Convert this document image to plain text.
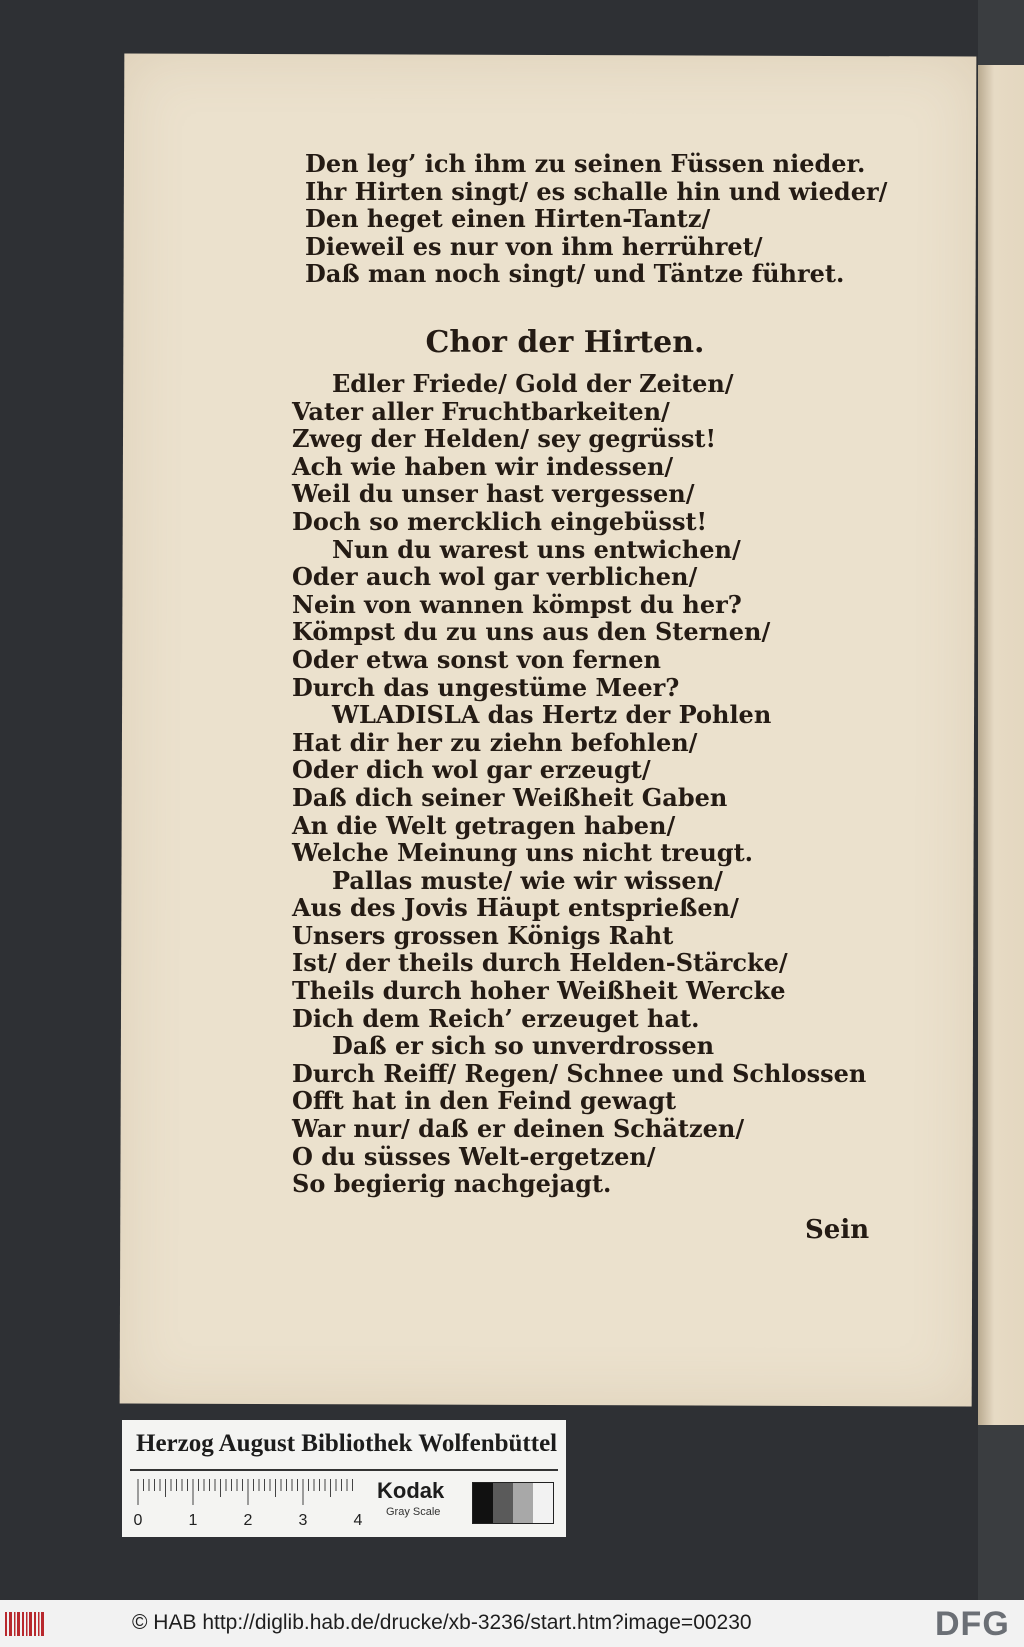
Den leg’ ich ihm zu seinen Füssen nieder.
Ihr Hirten singt/ es schalle hin und wieder/
Den heget einen Hirten-Tantz/
Dieweil es nur von ihm herrühret/
Daß man noch singt/ und Täntze führet.
Chor der Hirten.
Edler Friede/ Gold der Zeiten/
Vater aller Fruchtbarkeiten/
Zweg der Helden/ sey gegrüsst!
Ach wie haben wir indessen/
Weil du unser hast vergessen/
Doch so mercklich eingebüsst!
Nun du warest uns entwichen/
Oder auch wol gar verblichen/
Nein von wannen kömpst du her?
Kömpst du zu uns aus den Sternen/
Oder etwa sonst von fernen
Durch das ungestüme Meer?
WLADISLA das Hertz der Pohlen
Hat dir her zu ziehn befohlen/
Oder dich wol gar erzeugt/
Daß dich seiner Weißheit Gaben
An die Welt getragen haben/
Welche Meinung uns nicht treugt.
Pallas muste/ wie wir wissen/
Aus des Jovis Häupt entsprießen/
Unsers grossen Königs Raht
Ist/ der theils durch Helden-Stärcke/
Theils durch hoher Weißheit Wercke
Dich dem Reich’ erzeuget hat.
Daß er sich so unverdrossen
Durch Reiff/ Regen/ Schnee und Schlossen
Offt hat in den Feind gewagt
War nur/ daß er deinen Schätzen/
O du süsses Welt-ergetzen/
So begierig nachgejagt.
Sein
Herzog August Bibliothek Wolfenbüttel
0	1	2	3	4
Kodak
Gray Scale
© HAB http://diglib.hab.de/drucke/xb-3236/start.htm?image=00230	DFG
